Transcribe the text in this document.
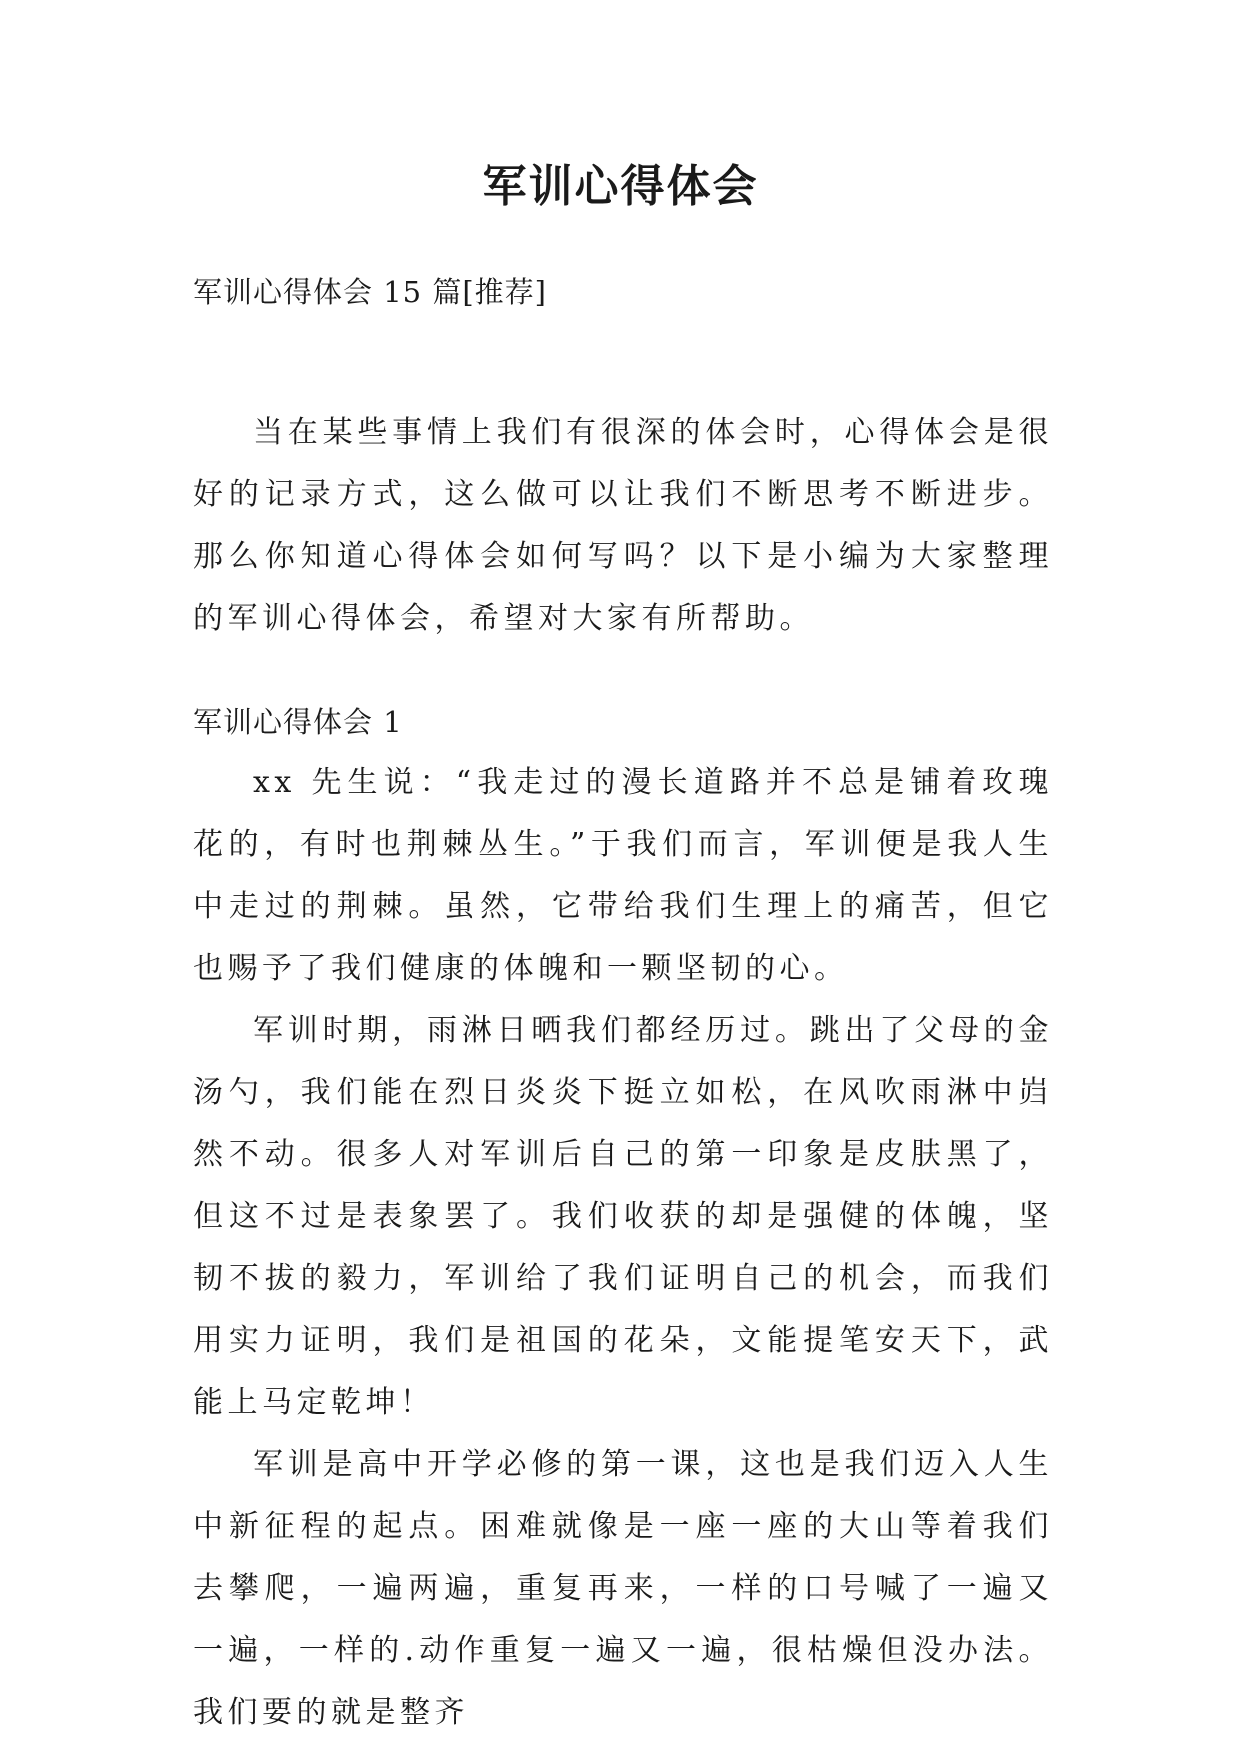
军训心得体会

军训心得体会 15 篇[推荐]

当在某些事情上我们有很深的体会时，心得体会是很好的记录方式，这么做可以让我们不断思考不断进步。那么你知道心得体会如何写吗？以下是小编为大家整理的军训心得体会，希望对大家有所帮助。

军训心得体会 1

xx 先生说：“我走过的漫长道路并不总是铺着玫瑰花的，有时也荆棘丛生。”于我们而言，军训便是我人生中走过的荆棘。虽然，它带给我们生理上的痛苦，但它也赐予了我们健康的体魄和一颗坚韧的心。

军训时期，雨淋日晒我们都经历过。跳出了父母的金汤勺，我们能在烈日炎炎下挺立如松，在风吹雨淋中岿然不动。很多人对军训后自己的第一印象是皮肤黑了，但这不过是表象罢了。我们收获的却是强健的体魄，坚韧不拔的毅力，军训给了我们证明自己的机会，而我们用实力证明，我们是祖国的花朵，文能提笔安天下，武能上马定乾坤！

军训是高中开学必修的第一课，这也是我们迈入人生中新征程的起点。困难就像是一座一座的大山等着我们去攀爬，一遍两遍，重复再来，一样的口号喊了一遍又一遍，一样的.动作重复一遍又一遍，很枯燥但没办法。我们要的就是整齐
